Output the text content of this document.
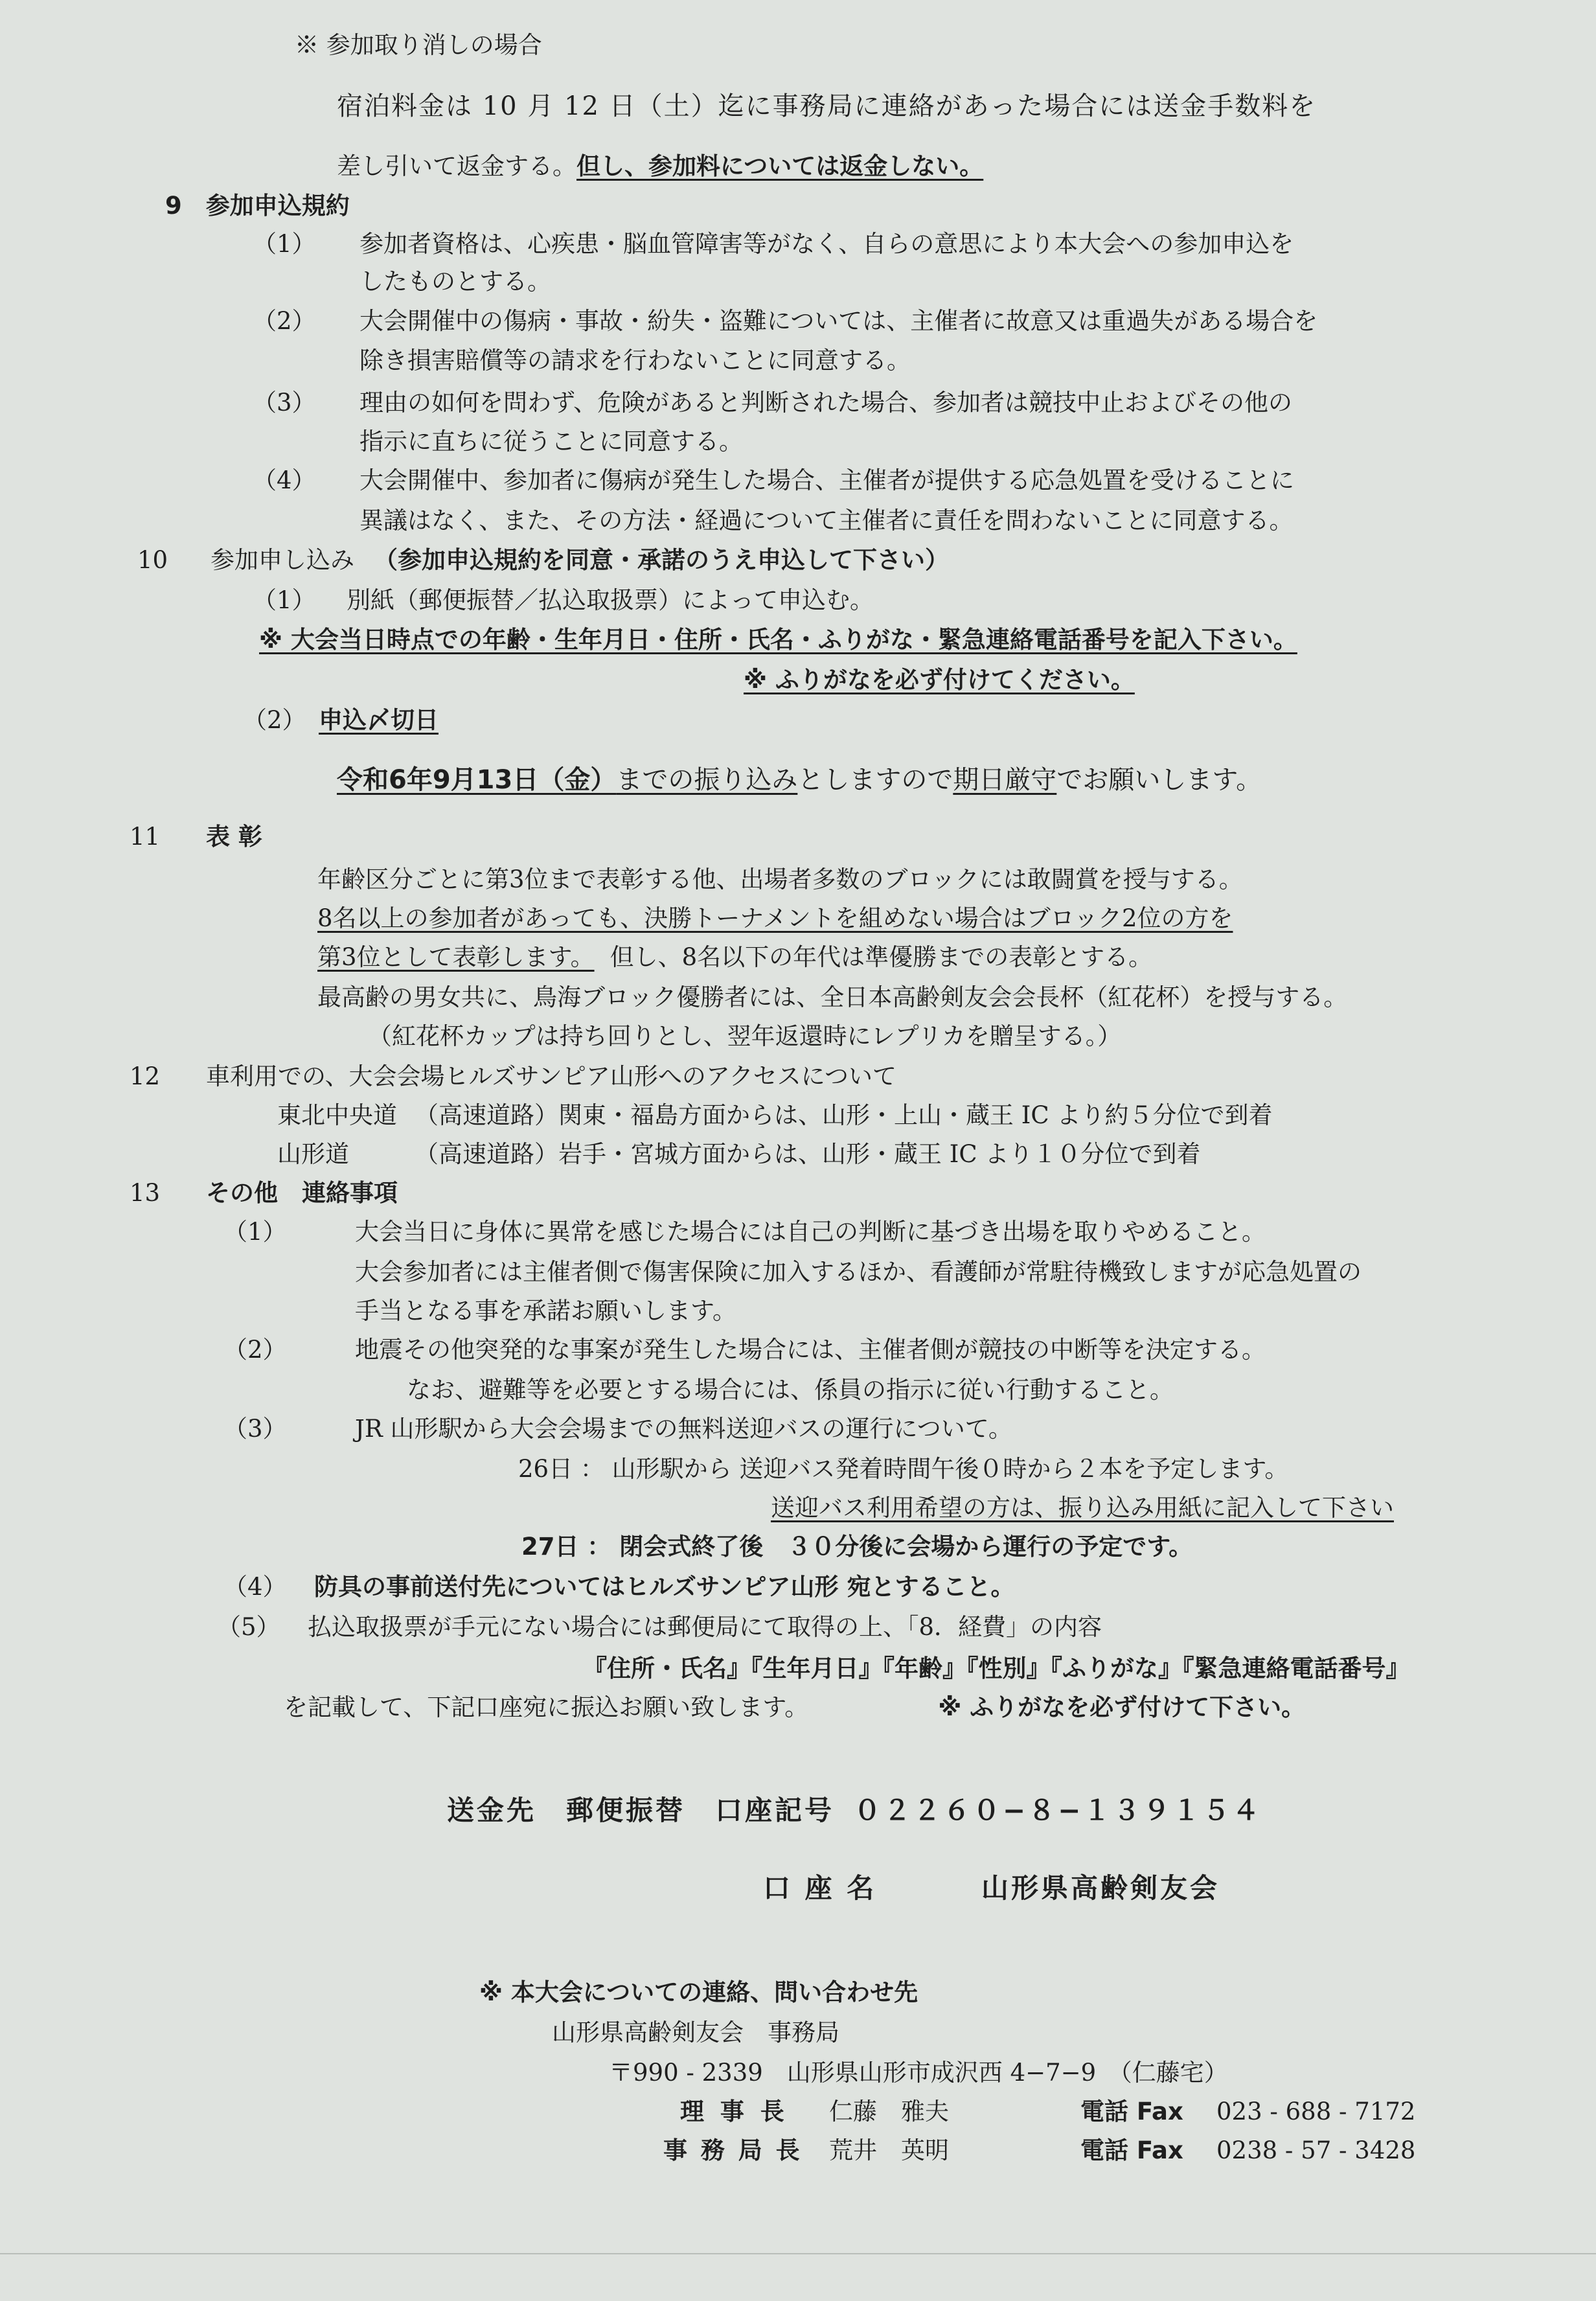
※ 参加取り消しの場合
宿泊料金は 10 月 12 日（土）迄に事務局に連絡があった場合には送金手数料を
差し引いて返金する。但し、参加料については返金しない。
9　参加申込規約
（1） 参加者資格は、心疾患・脳血管障害等がなく、自らの意思により本大会への参加申込を
したものとする。
（2） 大会開催中の傷病・事故・紛失・盗難については、主催者に故意又は重過失がある場合を
除き損害賠償等の請求を行わないことに同意する。
（3） 理由の如何を問わず、危険があると判断された場合、参加者は競技中止およびその他の
指示に直ちに従うことに同意する。
（4） 大会開催中、参加者に傷病が発生した場合、主催者が提供する応急処置を受けることに
異議はなく、また、その方法・経過について主催者に責任を問わないことに同意する。
10 参加申し込み （参加申込規約を同意・承諾のうえ申込して下さい）
（1） 別紙（郵便振替／払込取扱票）によって申込む。
※ 大会当日時点での年齢・生年月日・住所・氏名・ふりがな・緊急連絡電話番号を記入下さい。
※ ふりがなを必ず付けてください。
（2） 申込〆切日
令和6年9月13日（金）までの振り込みとしますので期日厳守でお願いします。
11 表 彰
年齢区分ごとに第3位まで表彰する他、出場者多数のブロックには敢闘賞を授与する。
8名以上の参加者があっても、決勝トーナメントを組めない場合はブロック2位の方を
第3位として表彰します。 但し、8名以下の年代は準優勝までの表彰とする。
最高齢の男女共に、鳥海ブロック優勝者には、全日本高齢剣友会会長杯（紅花杯）を授与する。
（紅花杯カップは持ち回りとし、翌年返還時にレプリカを贈呈する。）
12 車利用での、大会会場ヒルズサンピア山形へのアクセスについて
東北中央道 （高速道路）関東・福島方面からは、山形・上山・蔵王 IC より約５分位で到着
山形道	（高速道路）岩手・宮城方面からは、山形・蔵王 IC より１０分位で到着
13 その他　連絡事項
（1）	大会当日に身体に異常を感じた場合には自己の判断に基づき出場を取りやめること。
大会参加者には主催者側で傷害保険に加入するほか、看護師が常駐待機致しますが応急処置の
手当となる事を承諾お願いします。
（2）	地震その他突発的な事案が発生した場合には、主催者側が競技の中断等を決定する。
なお、避難等を必要とする場合には、係員の指示に従い行動すること。
（3）	JR 山形駅から大会会場までの無料送迎バスの運行について。
26日 ： 山形駅から 送迎バス発着時間午後０時から２本を予定します。
送迎バス利用希望の方は、振り込み用紙に記入して下さい
27日 ： 閉会式終了後　３０分後に会場から運行の予定です。
（4） 防具の事前送付先についてはヒルズサンピア山形 宛とすること。
（5） 払込取扱票が手元にない場合には郵便局にて取得の上、「8．経費」の内容
『住所・氏名』『生年月日』『年齢』『性別』『ふりがな』『緊急連絡電話番号』
を記載して、下記口座宛に振込お願い致します。	※ ふりがなを必ず付けて下さい。
送金先　郵便振替　口座記号 ０２２６０−８−１３９１５４
口 座 名	山形県高齢剣友会
※ 本大会についての連絡、問い合わせ先
山形県高齢剣友会　事務局
〒990 - 2339　山形県山形市成沢西 4−7−9　（仁藤宅）
理 事 長 仁藤　雅夫	電話 Fax 023 - 688 - 7172
事 務 局 長 荒井　英明	電話 Fax 0238 - 57 - 3428
